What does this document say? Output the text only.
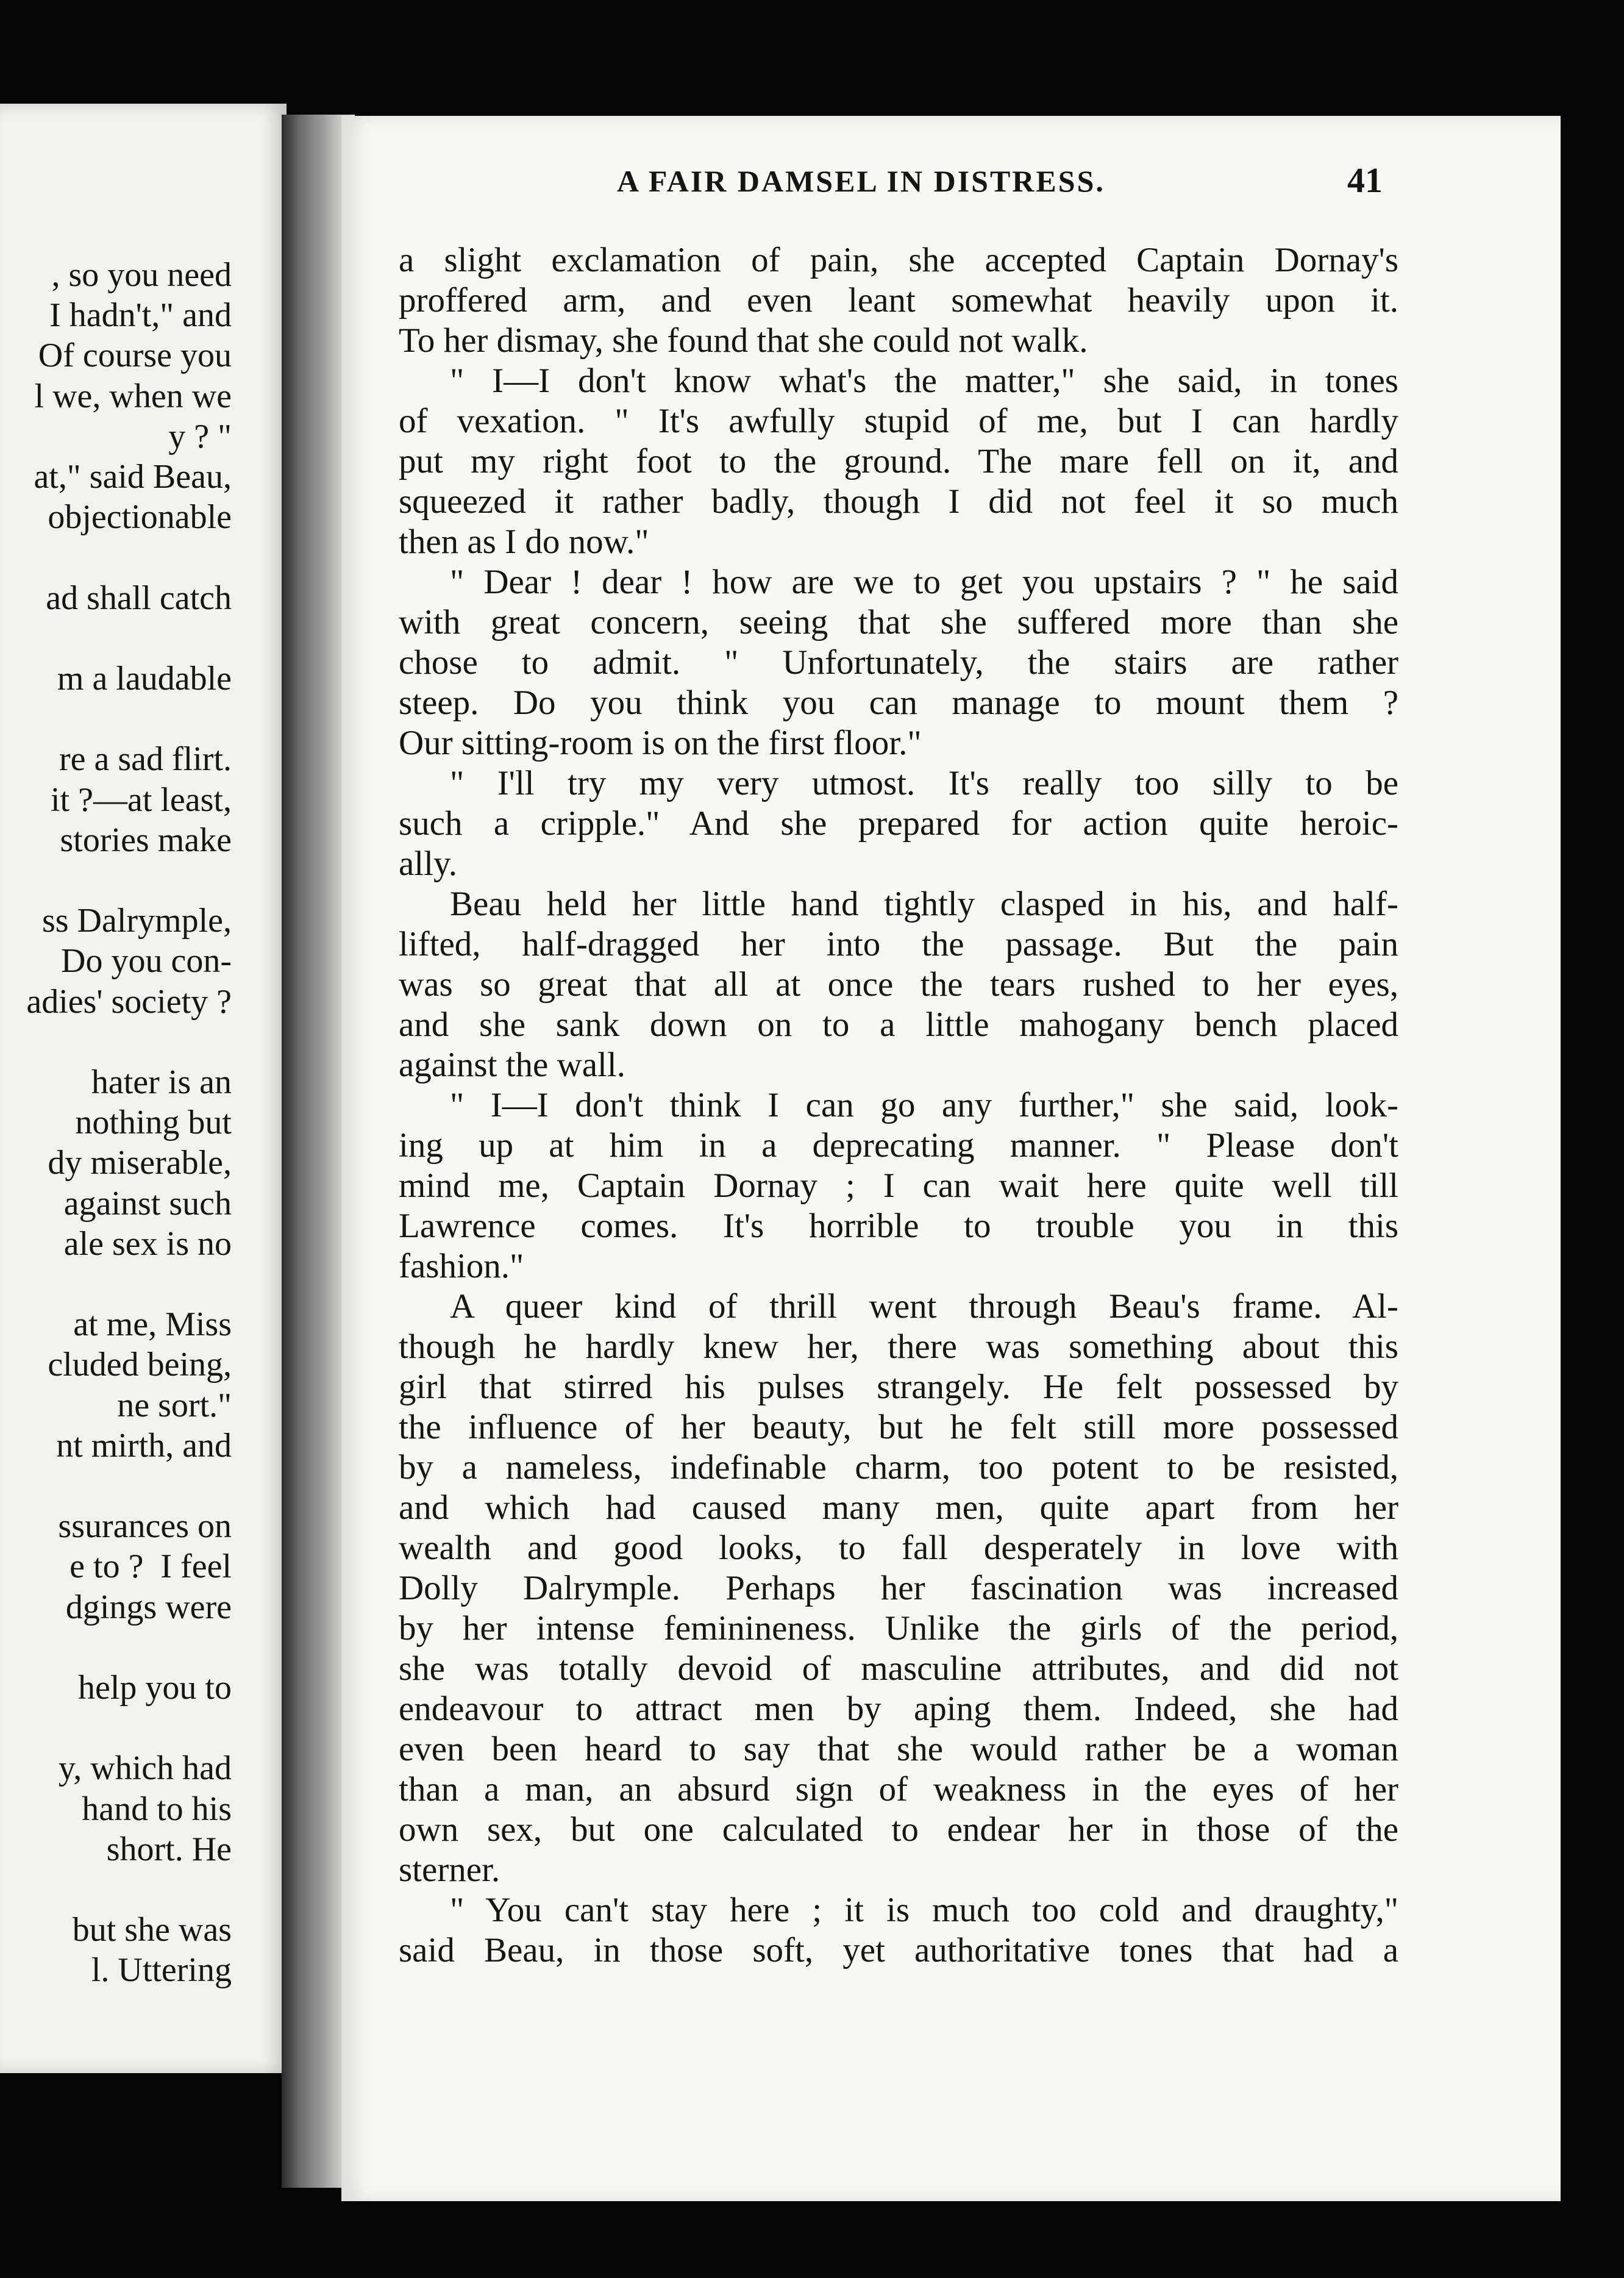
, so you need
I hadn't," and
Of course you
l we, when we
y ? "
at," said Beau,
objectionable
ad shall catch
m a laudable
re a sad flirt.
it ?—at least,
stories make
ss Dalrymple,
Do you con-
adies' society ?
hater is an
nothing but
dy miserable,
against such
ale sex is no
at me, Miss
cluded being,
ne sort."
nt mirth, and
ssurances on
e to ?  I feel
dgings were
help you to
y, which had
hand to his
short. He
but she was
l. Uttering
A FAIR DAMSEL IN DISTRESS.	41
a slight exclamation of pain, she accepted Captain Dornay's
proffered arm, and even leant somewhat heavily upon it.
To her dismay, she found that she could not walk.
" I—I don't know what's the matter," she said, in tones
of vexation. " It's awfully stupid of me, but I can hardly
put my right foot to the ground. The mare fell on it, and
squeezed it rather badly, though I did not feel it so much
then as I do now."
" Dear ! dear ! how are we to get you upstairs ? " he said
with great concern, seeing that she suffered more than she
chose to admit. " Unfortunately, the stairs are rather
steep. Do you think you can manage to mount them ?
Our sitting-room is on the first floor."
" I'll try my very utmost. It's really too silly to be
such a cripple." And she prepared for action quite heroic-
ally.
Beau held her little hand tightly clasped in his, and half-
lifted, half-dragged her into the passage. But the pain
was so great that all at once the tears rushed to her eyes,
and she sank down on to a little mahogany bench placed
against the wall.
" I—I don't think I can go any further," she said, look-
ing up at him in a deprecating manner. " Please don't
mind me, Captain Dornay ; I can wait here quite well till
Lawrence comes. It's horrible to trouble you in this
fashion."
A queer kind of thrill went through Beau's frame. Al-
though he hardly knew her, there was something about this
girl that stirred his pulses strangely. He felt possessed by
the influence of her beauty, but he felt still more possessed
by a nameless, indefinable charm, too potent to be resisted,
and which had caused many men, quite apart from her
wealth and good looks, to fall desperately in love with
Dolly Dalrymple. Perhaps her fascination was increased
by her intense feminineness. Unlike the girls of the period,
she was totally devoid of masculine attributes, and did not
endeavour to attract men by aping them. Indeed, she had
even been heard to say that she would rather be a woman
than a man, an absurd sign of weakness in the eyes of her
own sex, but one calculated to endear her in those of the
sterner.
" You can't stay here ; it is much too cold and draughty,"
said Beau, in those soft, yet authoritative tones that had a
